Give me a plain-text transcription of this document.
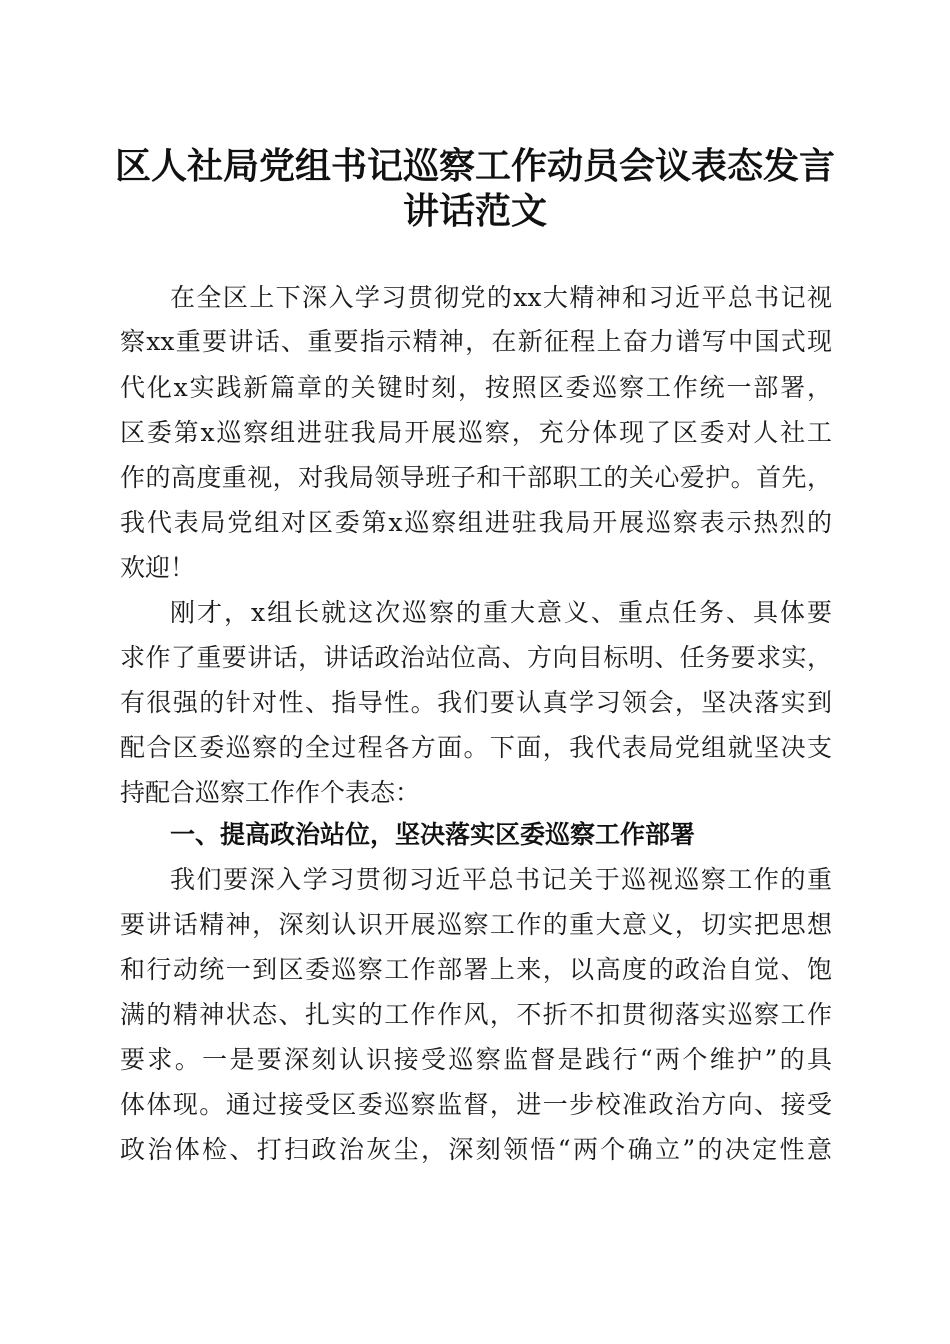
区人社局党组书记巡察工作动员会议表态发言
讲话范文
在全区上下深入学习贯彻党的xx大精神和习近平总书记视
察xx重要讲话、重要指示精神，在新征程上奋力谱写中国式现
代化x实践新篇章的关键时刻，按照区委巡察工作统一部署，
区委第x巡察组进驻我局开展巡察，充分体现了区委对人社工
作的高度重视，对我局领导班子和干部职工的关心爱护。首先，
我代表局党组对区委第x巡察组进驻我局开展巡察表示热烈的
欢迎！
刚才，x组长就这次巡察的重大意义、重点任务、具体要
求作了重要讲话，讲话政治站位高、方向目标明、任务要求实，
有很强的针对性、指导性。我们要认真学习领会，坚决落实到
配合区委巡察的全过程各方面。下面，我代表局党组就坚决支
持配合巡察工作作个表态：
一、提高政治站位，坚决落实区委巡察工作部署
我们要深入学习贯彻习近平总书记关于巡视巡察工作的重
要讲话精神，深刻认识开展巡察工作的重大意义，切实把思想
和行动统一到区委巡察工作部署上来，以高度的政治自觉、饱
满的精神状态、扎实的工作作风，不折不扣贯彻落实巡察工作
要求。一是要深刻认识接受巡察监督是践行“两个维护”的具
体体现。通过接受区委巡察监督，进一步校准政治方向、接受
政治体检、打扫政治灰尘，深刻领悟“两个确立”的决定性意
